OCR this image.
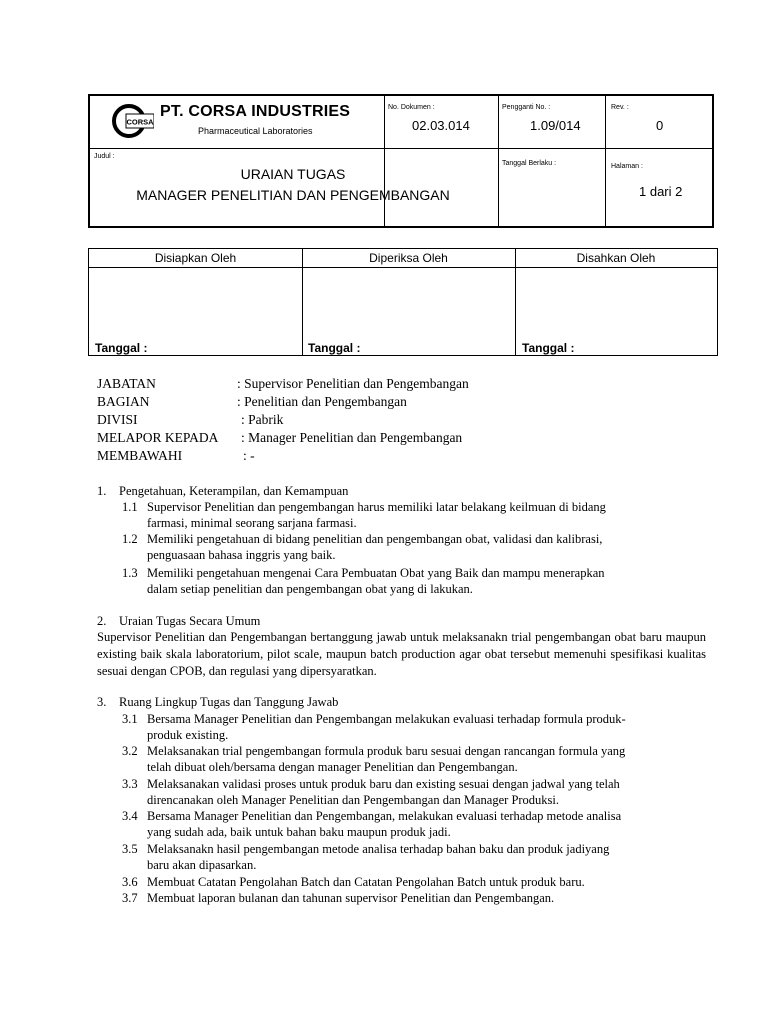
CORSA
PT. CORSA INDUSTRIES
Pharmaceutical Laboratories
No. Dokumen :
02.03.014
Pengganti No. :
1.09/014
Rev. :
0
Judul :
URAIAN TUGAS
MANAGER PENELITIAN DAN PENGEMBANGAN
Tanggal Berlaku :	Halaman :
1 dari 2
Disiapkan Oleh	Diperiksa Oleh	Disahkan Oleh
Tanggal :	Tanggal :	Tanggal :
JABATAN	: Supervisor Penelitian dan Pengembangan
BAGIAN	: Penelitian dan Pengembangan
DIVISI	: Pabrik
MELAPOR KEPADA : Manager Penelitian dan Pengembangan
MEMBAWAHI	: -
1. Pengetahuan, Keterampilan, dan Kemampuan
1.1 Supervisor Penelitian dan pengembangan harus memiliki latar belakang keilmuan di bidang
farmasi, minimal seorang sarjana farmasi.
1.2 Memiliki pengetahuan di bidang penelitian dan pengembangan obat, validasi dan kalibrasi,
penguasaan bahasa inggris yang baik.
1.3 Memiliki pengetahuan mengenai Cara Pembuatan Obat yang Baik dan mampu menerapkan
dalam setiap penelitian dan pengembangan obat yang di lakukan.
2. Uraian Tugas Secara Umum
Supervisor Penelitian dan Pengembangan bertanggung jawab untuk melaksanakn trial pengembangan obat baru maupun existing baik skala laboratorium, pilot scale, maupun batch production agar obat tersebut memenuhi spesifikasi kualitas sesuai dengan CPOB, dan regulasi yang dipersyaratkan.
3. Ruang Lingkup Tugas dan Tanggung Jawab
3.1 Bersama Manager Penelitian dan Pengembangan melakukan evaluasi terhadap formula produk-
produk existing.
3.2 Melaksanakan trial pengembangan formula produk baru sesuai dengan rancangan formula yang
telah dibuat oleh/bersama dengan manager Penelitian dan Pengembangan.
3.3 Melaksanakan validasi proses untuk produk baru dan existing sesuai dengan jadwal yang telah
direncanakan oleh Manager Penelitian dan Pengembangan dan Manager Produksi.
3.4 Bersama Manager Penelitian dan Pengembangan, melakukan evaluasi terhadap metode analisa
yang sudah ada, baik untuk bahan baku maupun produk jadi.
3.5 Melaksanakn hasil pengembangan metode analisa terhadap bahan baku dan produk jadiyang
baru akan dipasarkan.
3.6 Membuat Catatan Pengolahan Batch dan Catatan Pengolahan Batch untuk produk baru.
3.7 Membuat laporan bulanan dan tahunan supervisor Penelitian dan Pengembangan.
